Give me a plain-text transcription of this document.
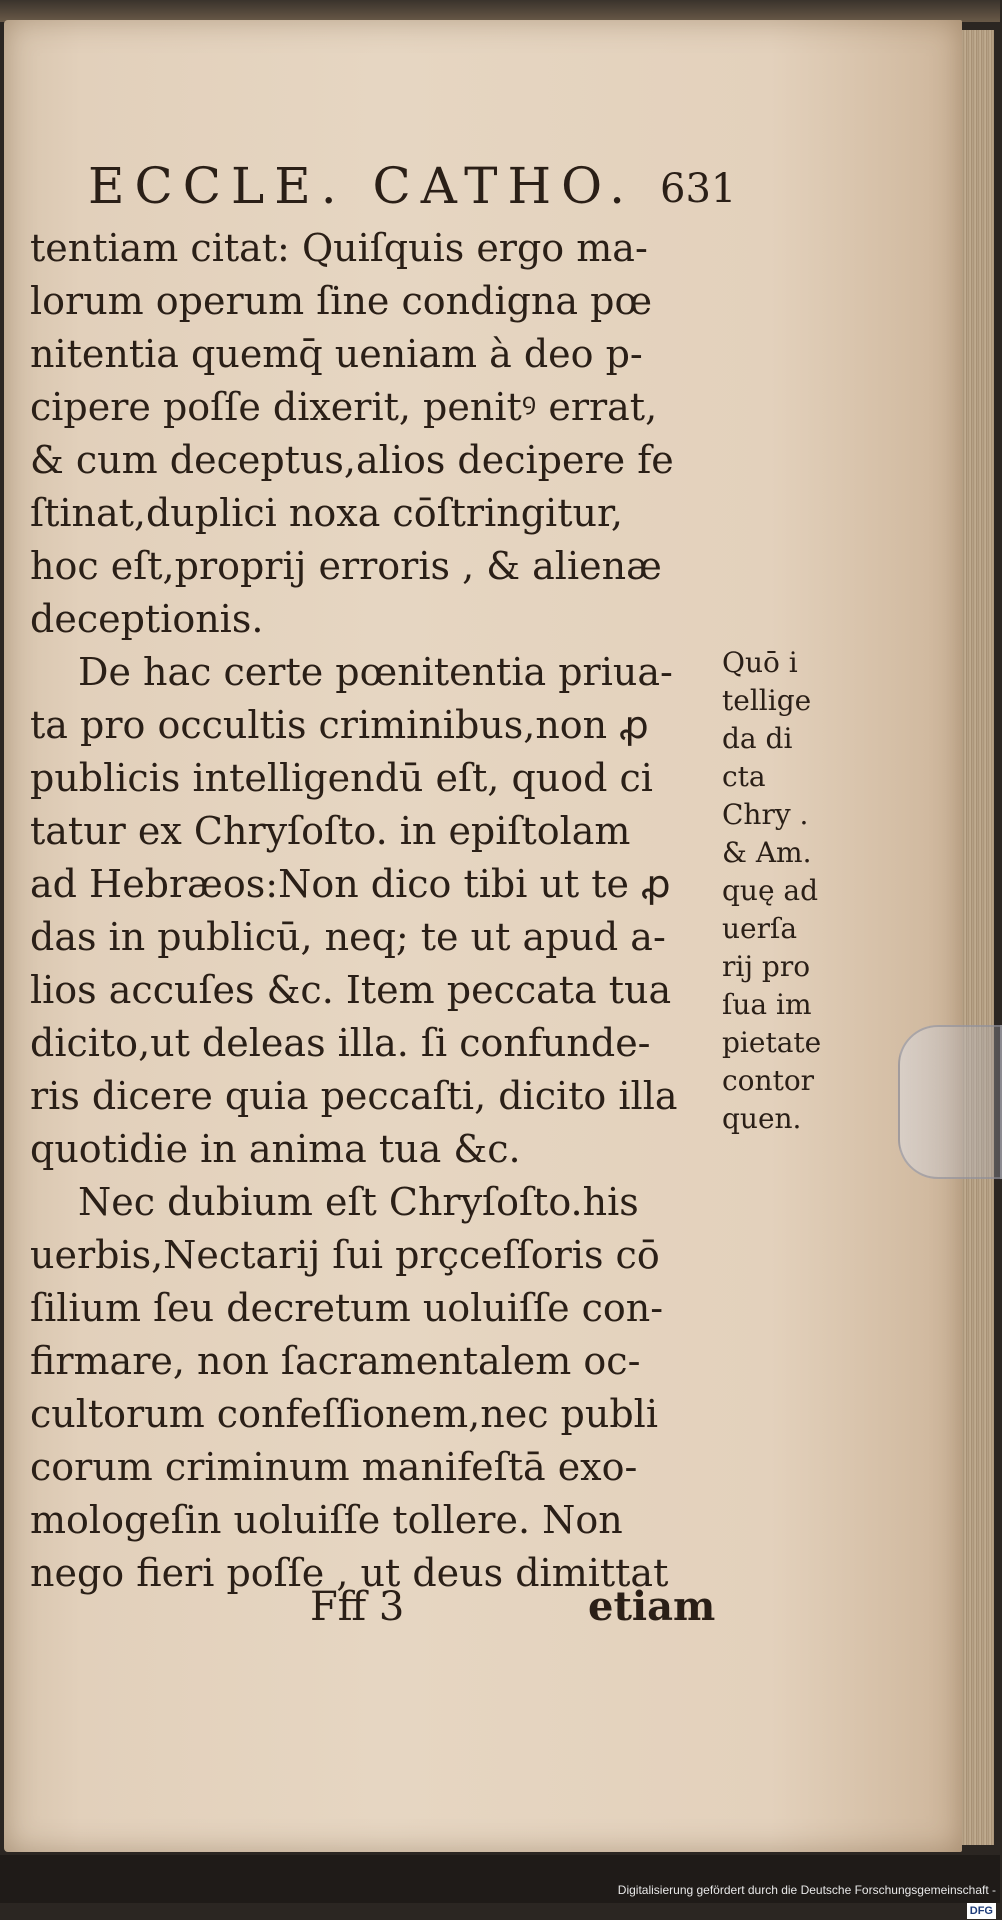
ECCLE. CATHO. 631
tentiam citat: Quiſquis ergo ma-
lorum operum ſine condigna pœ
nitentia quemq̄ ueniam à deo p-
cipere poſſe dixerit, penitꝰ errat,
& cum deceptus,alios decipere fe
ſtinat,duplici noxa cōſtringitur,
hoc eſt,proprij erroris , & alienæ
deceptionis.
De hac certe pœnitentia priua-
ta pro occultis criminibus,non ꝓ
publicis intelligendū eſt, quod ci
tatur ex Chryſoſto. in epiſtolam
ad Hebræos:Non dico tibi ut te ꝓ
das in publicū, neq; te ut apud a-
lios accuſes &c. Item peccata tua
dicito,ut deleas illa. ſi confunde-
ris dicere quia peccaſti, dicito illa
quotidie in anima tua &c.
Nec dubium eſt Chryſoſto.his
uerbis,Nectarij ſui prçceſſoris cō
ſilium ſeu decretum uoluiſſe con-
firmare, non ſacramentalem oc-
cultorum confeſſionem,nec publi
corum criminum manifeſtā exo-
mologeſin uoluiſſe tollere. Non
nego fieri poſſe , ut deus dimittat
Quō i
tellige
da di
cta
Chry .
& Am.
quę ad
uerſa
rij pro
ſua im
pietate
contor
quen.
Fff 3	etiam
Digitalisierung gefördert durch die Deutsche Forschungsgemeinschaft - DFG
